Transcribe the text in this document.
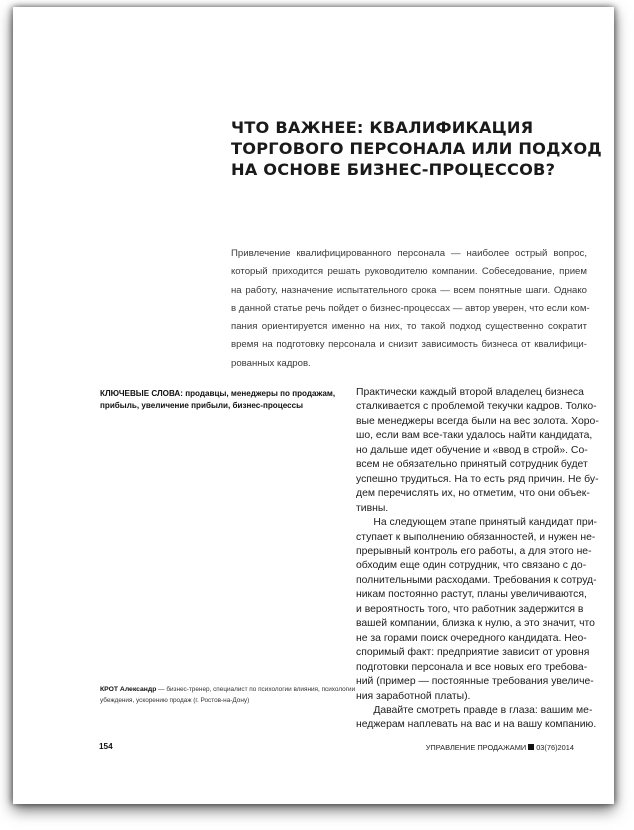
ЧТО ВАЖНЕЕ: КВАЛИФИКАЦИЯ
ТОРГОВОГО ПЕРСОНАЛА ИЛИ ПОДХОД
НА ОСНОВЕ БИЗНЕС-ПРОЦЕССОВ?
Привлечение квалифицированного персонала — наиболее острый вопрос,
который приходится решать руководителю компании. Собеседование, прием
на работу, назначение испытательного срока — всем понятные шаги. Однако
в данной статье речь пойдет о бизнес-процессах — автор уверен, что если ком-
пания ориентируется именно на них, то такой подход существенно сократит
время на подготовку персонала и снизит зависимость бизнеса от квалифици-
рованных кадров.
КЛЮЧЕВЫЕ СЛОВА: продавцы, менеджеры по продажам,
прибыль, увеличение прибыли, бизнес-процессы
Практически каждый второй владелец бизнеса
сталкивается с проблемой текучки кадров. Толко-
вые менеджеры всегда были на вес золота. Хоро-
шо, если вам все-таки удалось найти кандидата,
но дальше идет обучение и «ввод в строй». Со-
всем не обязательно принятый сотрудник будет
успешно трудиться. На то есть ряд причин. Не бу-
дем перечислять их, но отметим, что они объек-
тивны.
На следующем этапе принятый кандидат при-
ступает к выполнению обязанностей, и нужен не-
прерывный контроль его работы, а для этого не-
обходим еще один сотрудник, что связано с до-
полнительными расходами. Требования к сотруд-
никам постоянно растут, планы увеличиваются,
и вероятность того, что работник задержится в
вашей компании, близка к нулю, а это значит, что
не за горами поиск очередного кандидата. Нео-
споримый факт: предприятие зависит от уровня
подготовки персонала и все новых его требова-
ний (пример — постоянные требования увеличе-
ния заработной платы).
Давайте смотреть правде в глаза: вашим ме-
неджерам наплевать на вас и на вашу компанию.
КРОТ Александр — бизнес-тренер, специалист по психологии влияния, психологии
убеждения, ускорению продаж (г. Ростов-на-Дону)
154	УПРАВЛЕНИЕ ПРОДАЖАМИ 03(76)2014
